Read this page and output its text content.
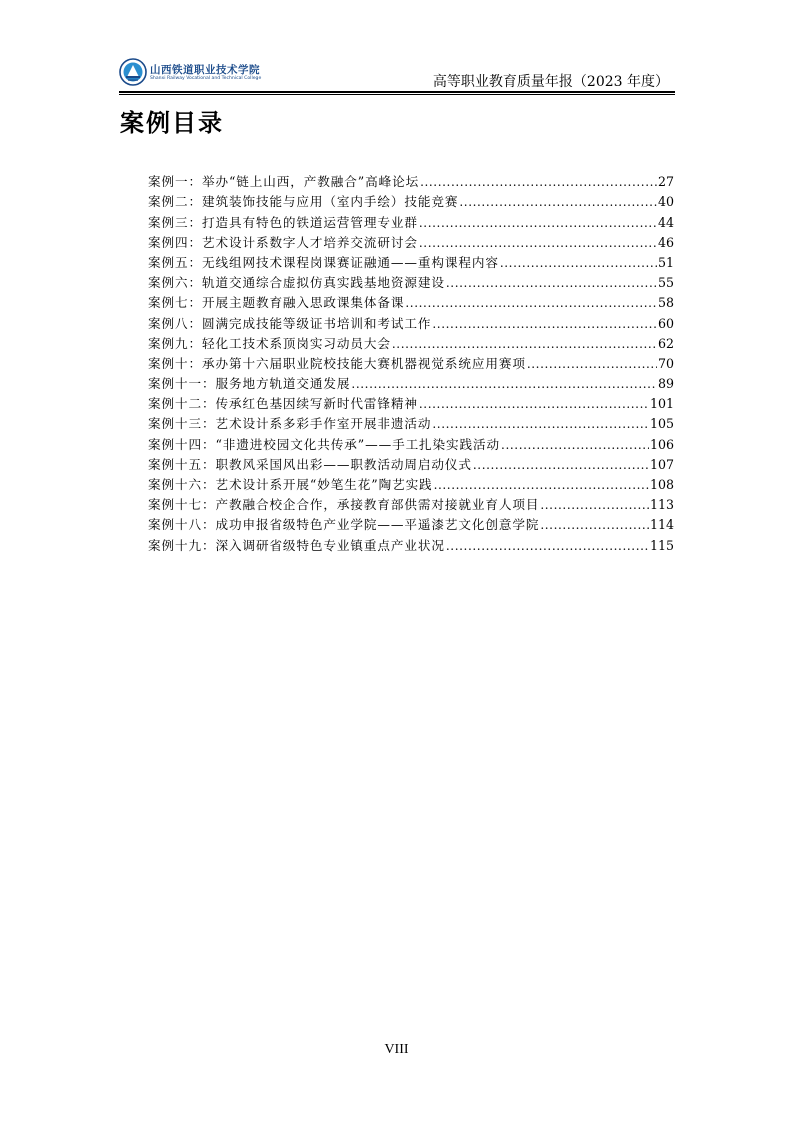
山西铁道职业技术学院
Shanxi Railway Vocational and Technical College	高等职业教育质量年报（2023 年度）
案例目录
案例一：举办“链上山西，产教融合”高峰论坛 .....	27
案例二：建筑装饰技能与应用（室内手绘）技能竞赛 .....	40
案例三：打造具有特色的铁道运营管理专业群 .....	44
案例四：艺术设计系数字人才培养交流研讨会 .....	46
案例五：无线组网技术课程岗课赛证融通——重构课程内容 .....	51
案例六：轨道交通综合虚拟仿真实践基地资源建设 .....	55
案例七：开展主题教育融入思政课集体备课 .....	58
案例八：圆满完成技能等级证书培训和考试工作 .....	60
案例九：轻化工技术系顶岗实习动员大会 .....	62
案例十：承办第十六届职业院校技能大赛机器视觉系统应用赛项 .....	70
案例十一：服务地方轨道交通发展 .....	89
案例十二：传承红色基因续写新时代雷锋精神 .....	101
案例十三：艺术设计系多彩手作室开展非遗活动 .....	105
案例十四：“非遗进校园文化共传承”——手工扎染实践活动 .....	106
案例十五：职教风采国风出彩——职教活动周启动仪式 .....	107
案例十六：艺术设计系开展“妙笔生花”陶艺实践 .....	108
案例十七：产教融合校企合作，承接教育部供需对接就业育人项目 .....	113
案例十八：成功申报省级特色产业学院——平遥漆艺文化创意学院 .....	114
案例十九：深入调研省级特色专业镇重点产业状况 .....	115
VIII
